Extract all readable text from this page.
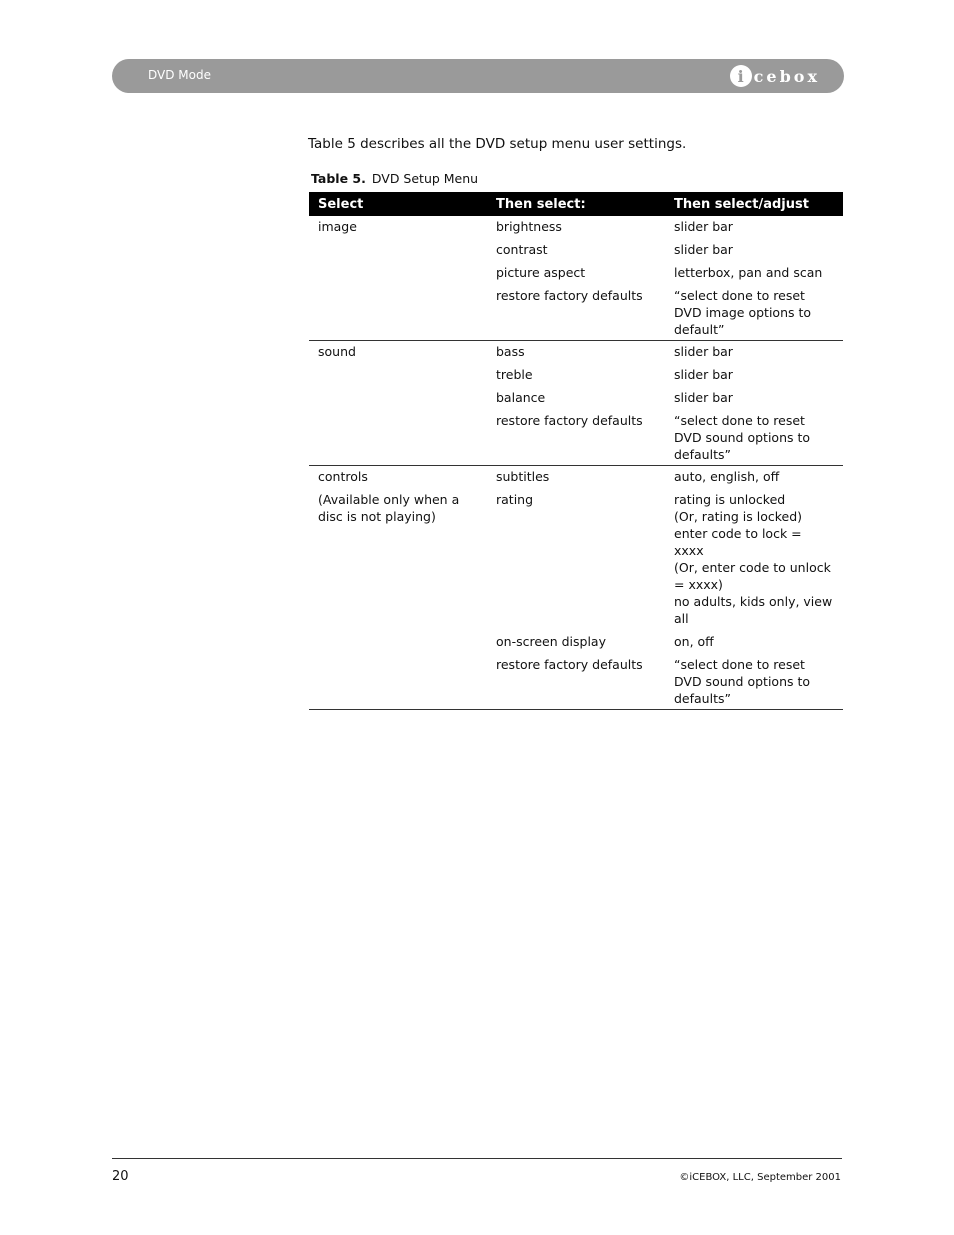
DVD Mode	i cebox
Table 5 describes all the DVD setup menu user settings.
Table 5. DVD Setup Menu
Select	Then select:	Then select/adjust
image	brightness	slider bar
	contrast	slider bar
	picture aspect	letterbox, pan and scan
	restore factory defaults	“select done to reset DVD image options to default”
sound	bass	slider bar
	treble	slider bar
	balance	slider bar
	restore factory defaults	“select done to reset DVD sound options to defaults”
controls	subtitles	auto, english, off
(Available only when a disc is not playing)	rating	rating is unlocked
(Or, rating is locked)
enter code to lock = xxxx
(Or, enter code to unlock = xxxx)
no adults, kids only, view all

	on-screen display	on, off
	restore factory defaults	“select done to reset DVD sound options to defaults”
20	©iCEBOX, LLC, September 2001
